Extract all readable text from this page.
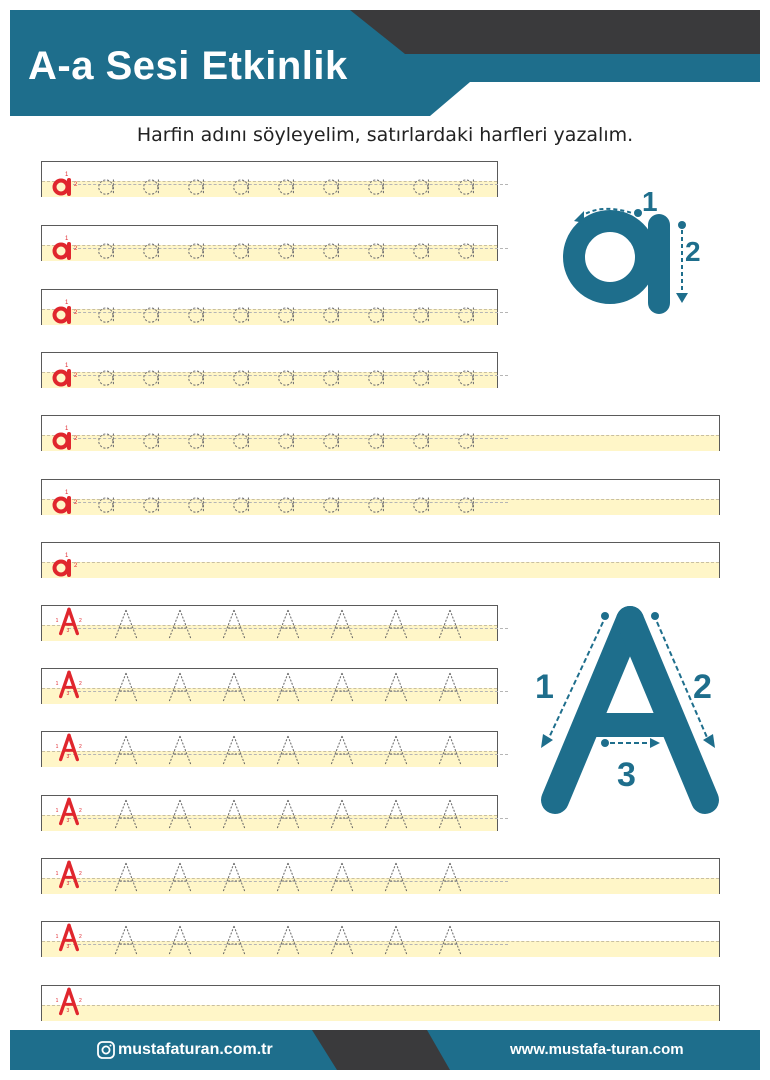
A-a Sesi Etkinlik
Harfin adını söyleyelim, satırlardaki harfleri yazalım.
1
2
1
2
1
2
1
2
1
2
1
2
1
2
1	2
3
1	2
3
1	2
3
1	2
3
1	2
3
1	2
3
1	2
3
1
2
1	2
3
mustafaturan.com.tr	www.mustafa-turan.com
